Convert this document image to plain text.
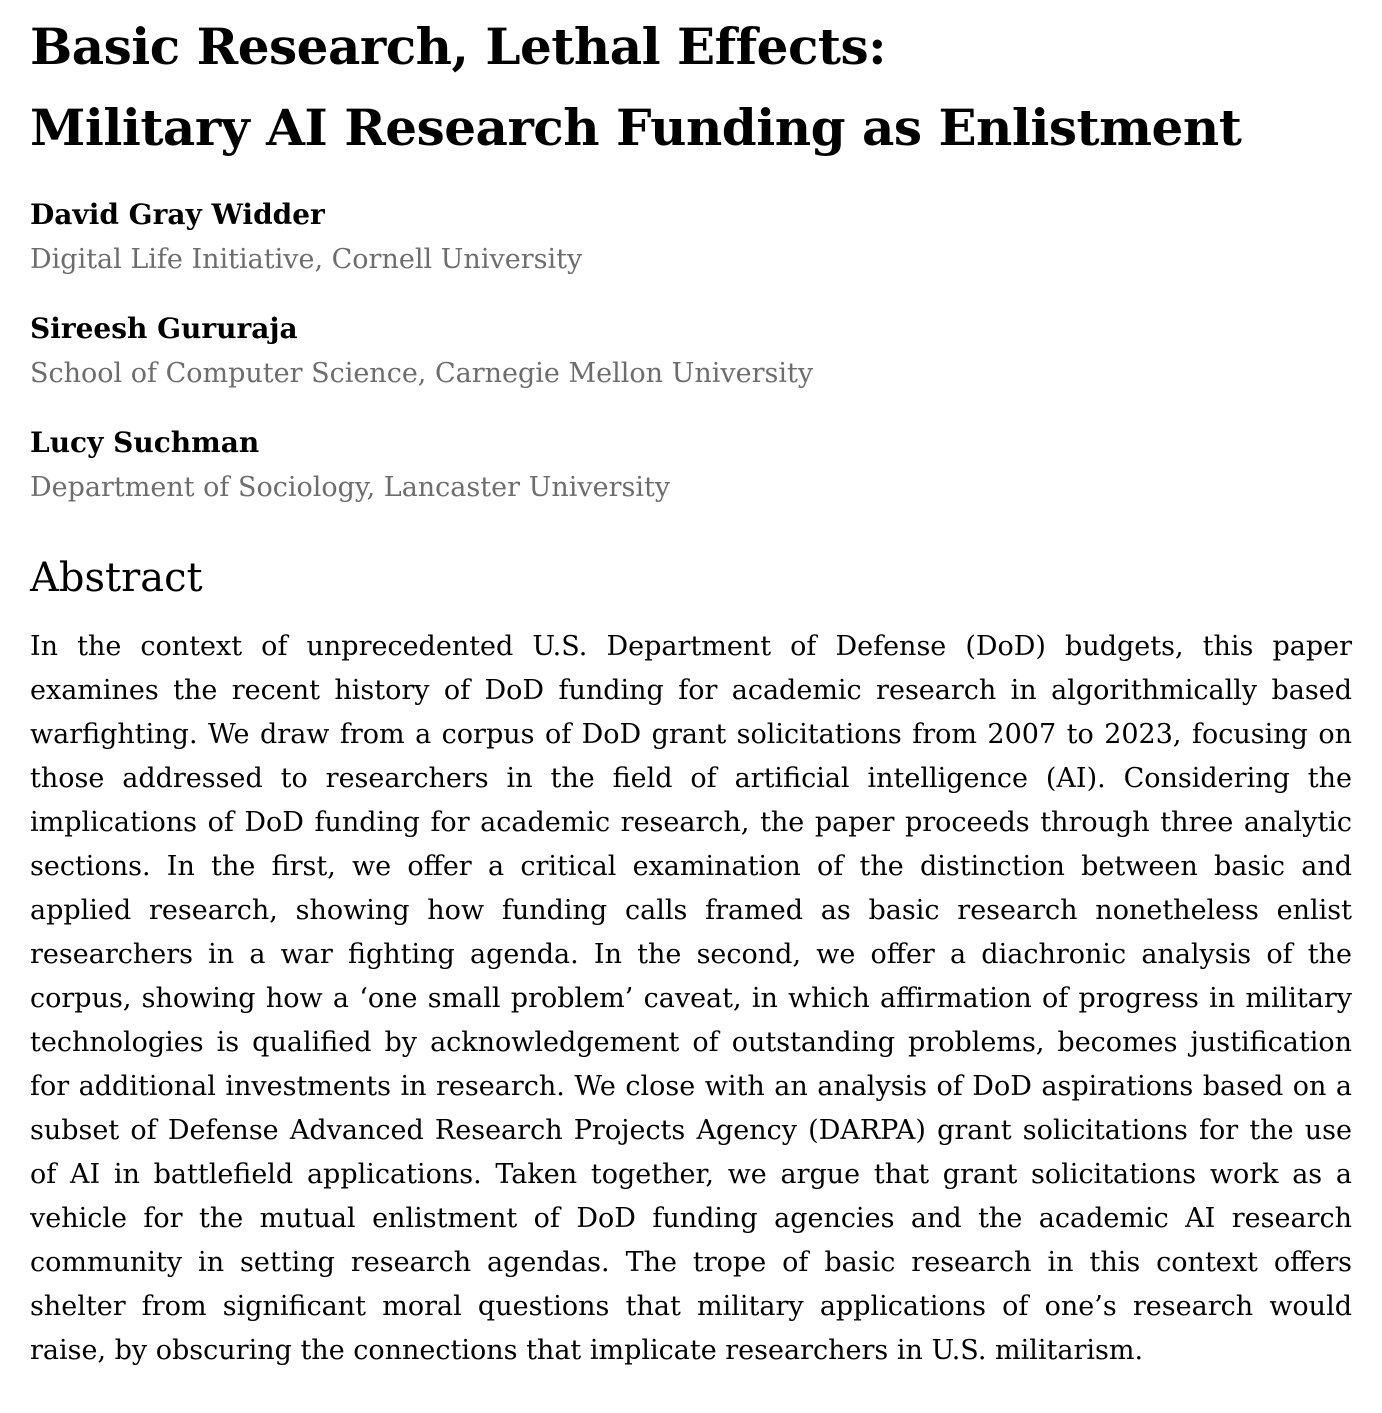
Basic Research, Lethal Effects:
Military AI Research Funding as Enlistment

David Gray Widder

Digital Life Initiative, Cornell University

Sireesh Gururaja

School of Computer Science, Carnegie Mellon University

Lucy Suchman

Department of Sociology, Lancaster University

Abstract

In the context of unprecedented U.S. Department of Defense (DoD) budgets, this paper examines the recent history of DoD funding for academic research in algorithmically based warfighting. We draw from a corpus of DoD grant solicitations from 2007 to 2023, focusing on those addressed to researchers in the field of artificial intelligence (AI). Considering the implications of DoD funding for academic research, the paper proceeds through three analytic sections. In the first, we offer a critical examination of the distinction between basic and applied research, showing how funding calls framed as basic research nonetheless enlist researchers in a war fighting agenda. In the second, we offer a diachronic analysis of the corpus, showing how a ‘one small problem’ caveat, in which affirmation of progress in military technologies is qualified by acknowledgement of outstanding problems, becomes justification for additional investments in research. We close with an analysis of DoD aspirations based on a subset of Defense Advanced Research Projects Agency (DARPA) grant solicitations for the use of AI in battlefield applications. Taken together, we argue that grant solicitations work as a vehicle for the mutual enlistment of DoD funding agencies and the academic AI research community in setting research agendas. The trope of basic research in this context offers shelter from significant moral questions that military applications of one’s research would raise, by obscuring the connections that implicate researchers in U.S. militarism.
